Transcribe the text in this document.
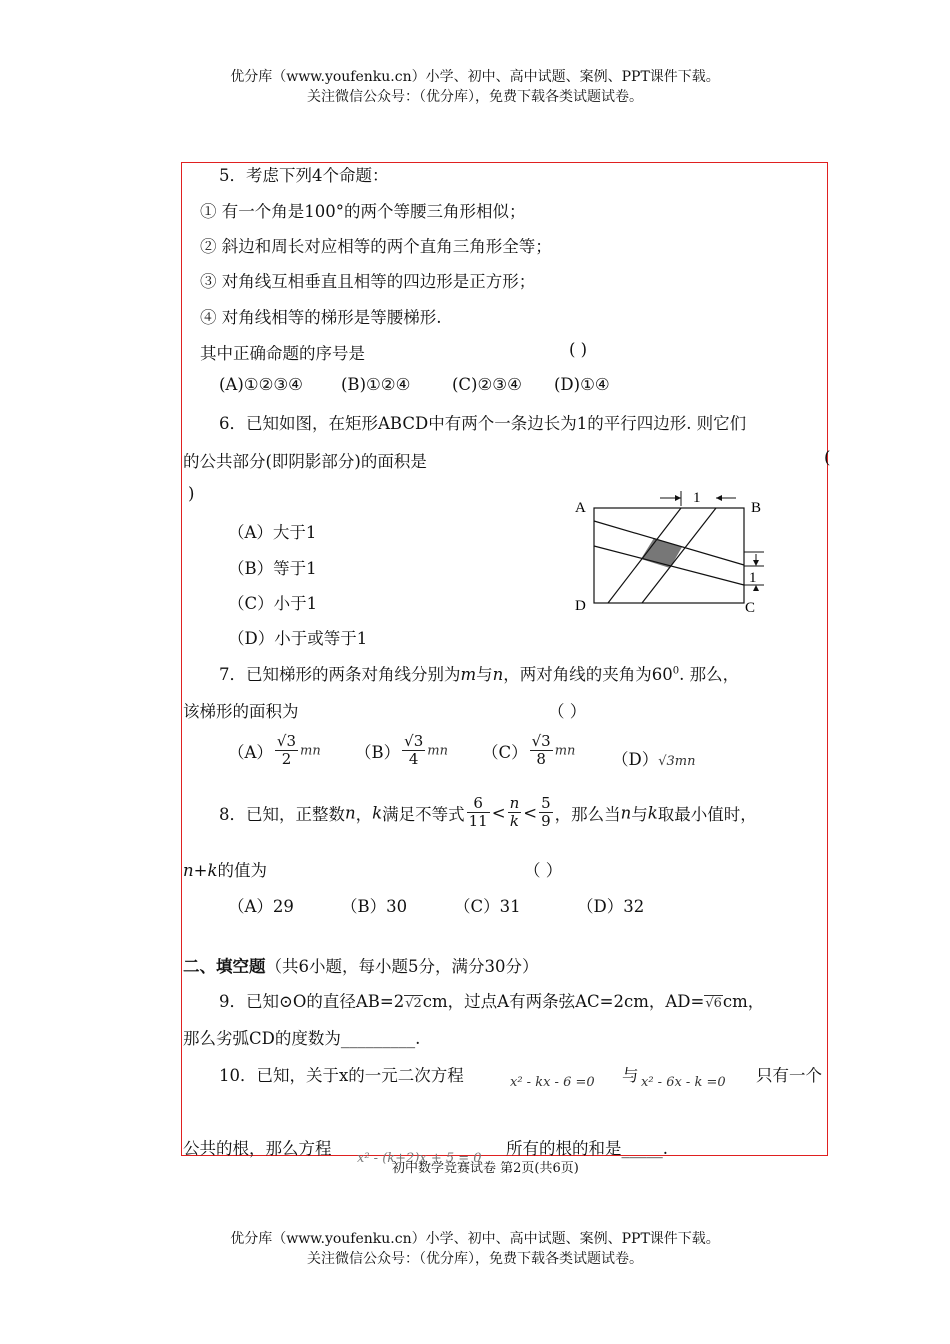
优分库（www.youfenku.cn）小学、初中、高中试题、案例、PPT课件下载。
关注微信公众号：（优分库），免费下载各类试题试卷。
5．考虑下列4个命题：
① 有一个角是100°的两个等腰三角形相似；
② 斜边和周长对应相等的两个直角三角形全等；
③ 对角线互相垂直且相等的四边形是正方形；
④ 对角线相等的梯形是等腰梯形.
其中正确命题的序号是	( )
(A)①②③④ (B)①②④	(C)②③④ (D)①④
6．已知如图，在矩形ABCD中有两个一条边长为1的平行四边形. 则它们
的公共部分(即阴影部分)的面积是	(
)
（A）大于1
（B）等于1
（C）小于1
（D）小于或等于1
A	B
D	C
1
1
7．已知梯形的两条对角线分别为m与n，两对角线的夹角为$60^0$. 那么，
该梯形的面积为	（ ）
$(A) \frac{√3}{2}$ mn $(B) \frac{√3}{4}$ mn $(C) \frac{√3}{8}$ mn （D）√3mn
8．已知，正整数n，k满足不等式 $\frac{6}{11} < \frac{n}{k} < \frac{5}{9}$ ，那么当n与k取最小值时，
n+k的值为	（ ）
（A）29	（B）30	（C）31	（D）32
二、填空题（共6小题，每小题5分，满分30分）
9．已知⊙O的直径AB=2√2cm，过点A有两条弦AC=2cm，AD=√6cm，
那么劣弧CD的度数为_________.
10．已知，关于x的一元二次方程	x² - kx - 6 =0 与 x² - 6x - k =0 只有一个
公共的根，那么方程
x² - (k+2)x + 5 = 0
所有的根的和是_____.
初中数学竞赛试卷 第2页(共6页)
优分库（www.youfenku.cn）小学、初中、高中试题、案例、PPT课件下载。
关注微信公众号：（优分库），免费下载各类试题试卷。
